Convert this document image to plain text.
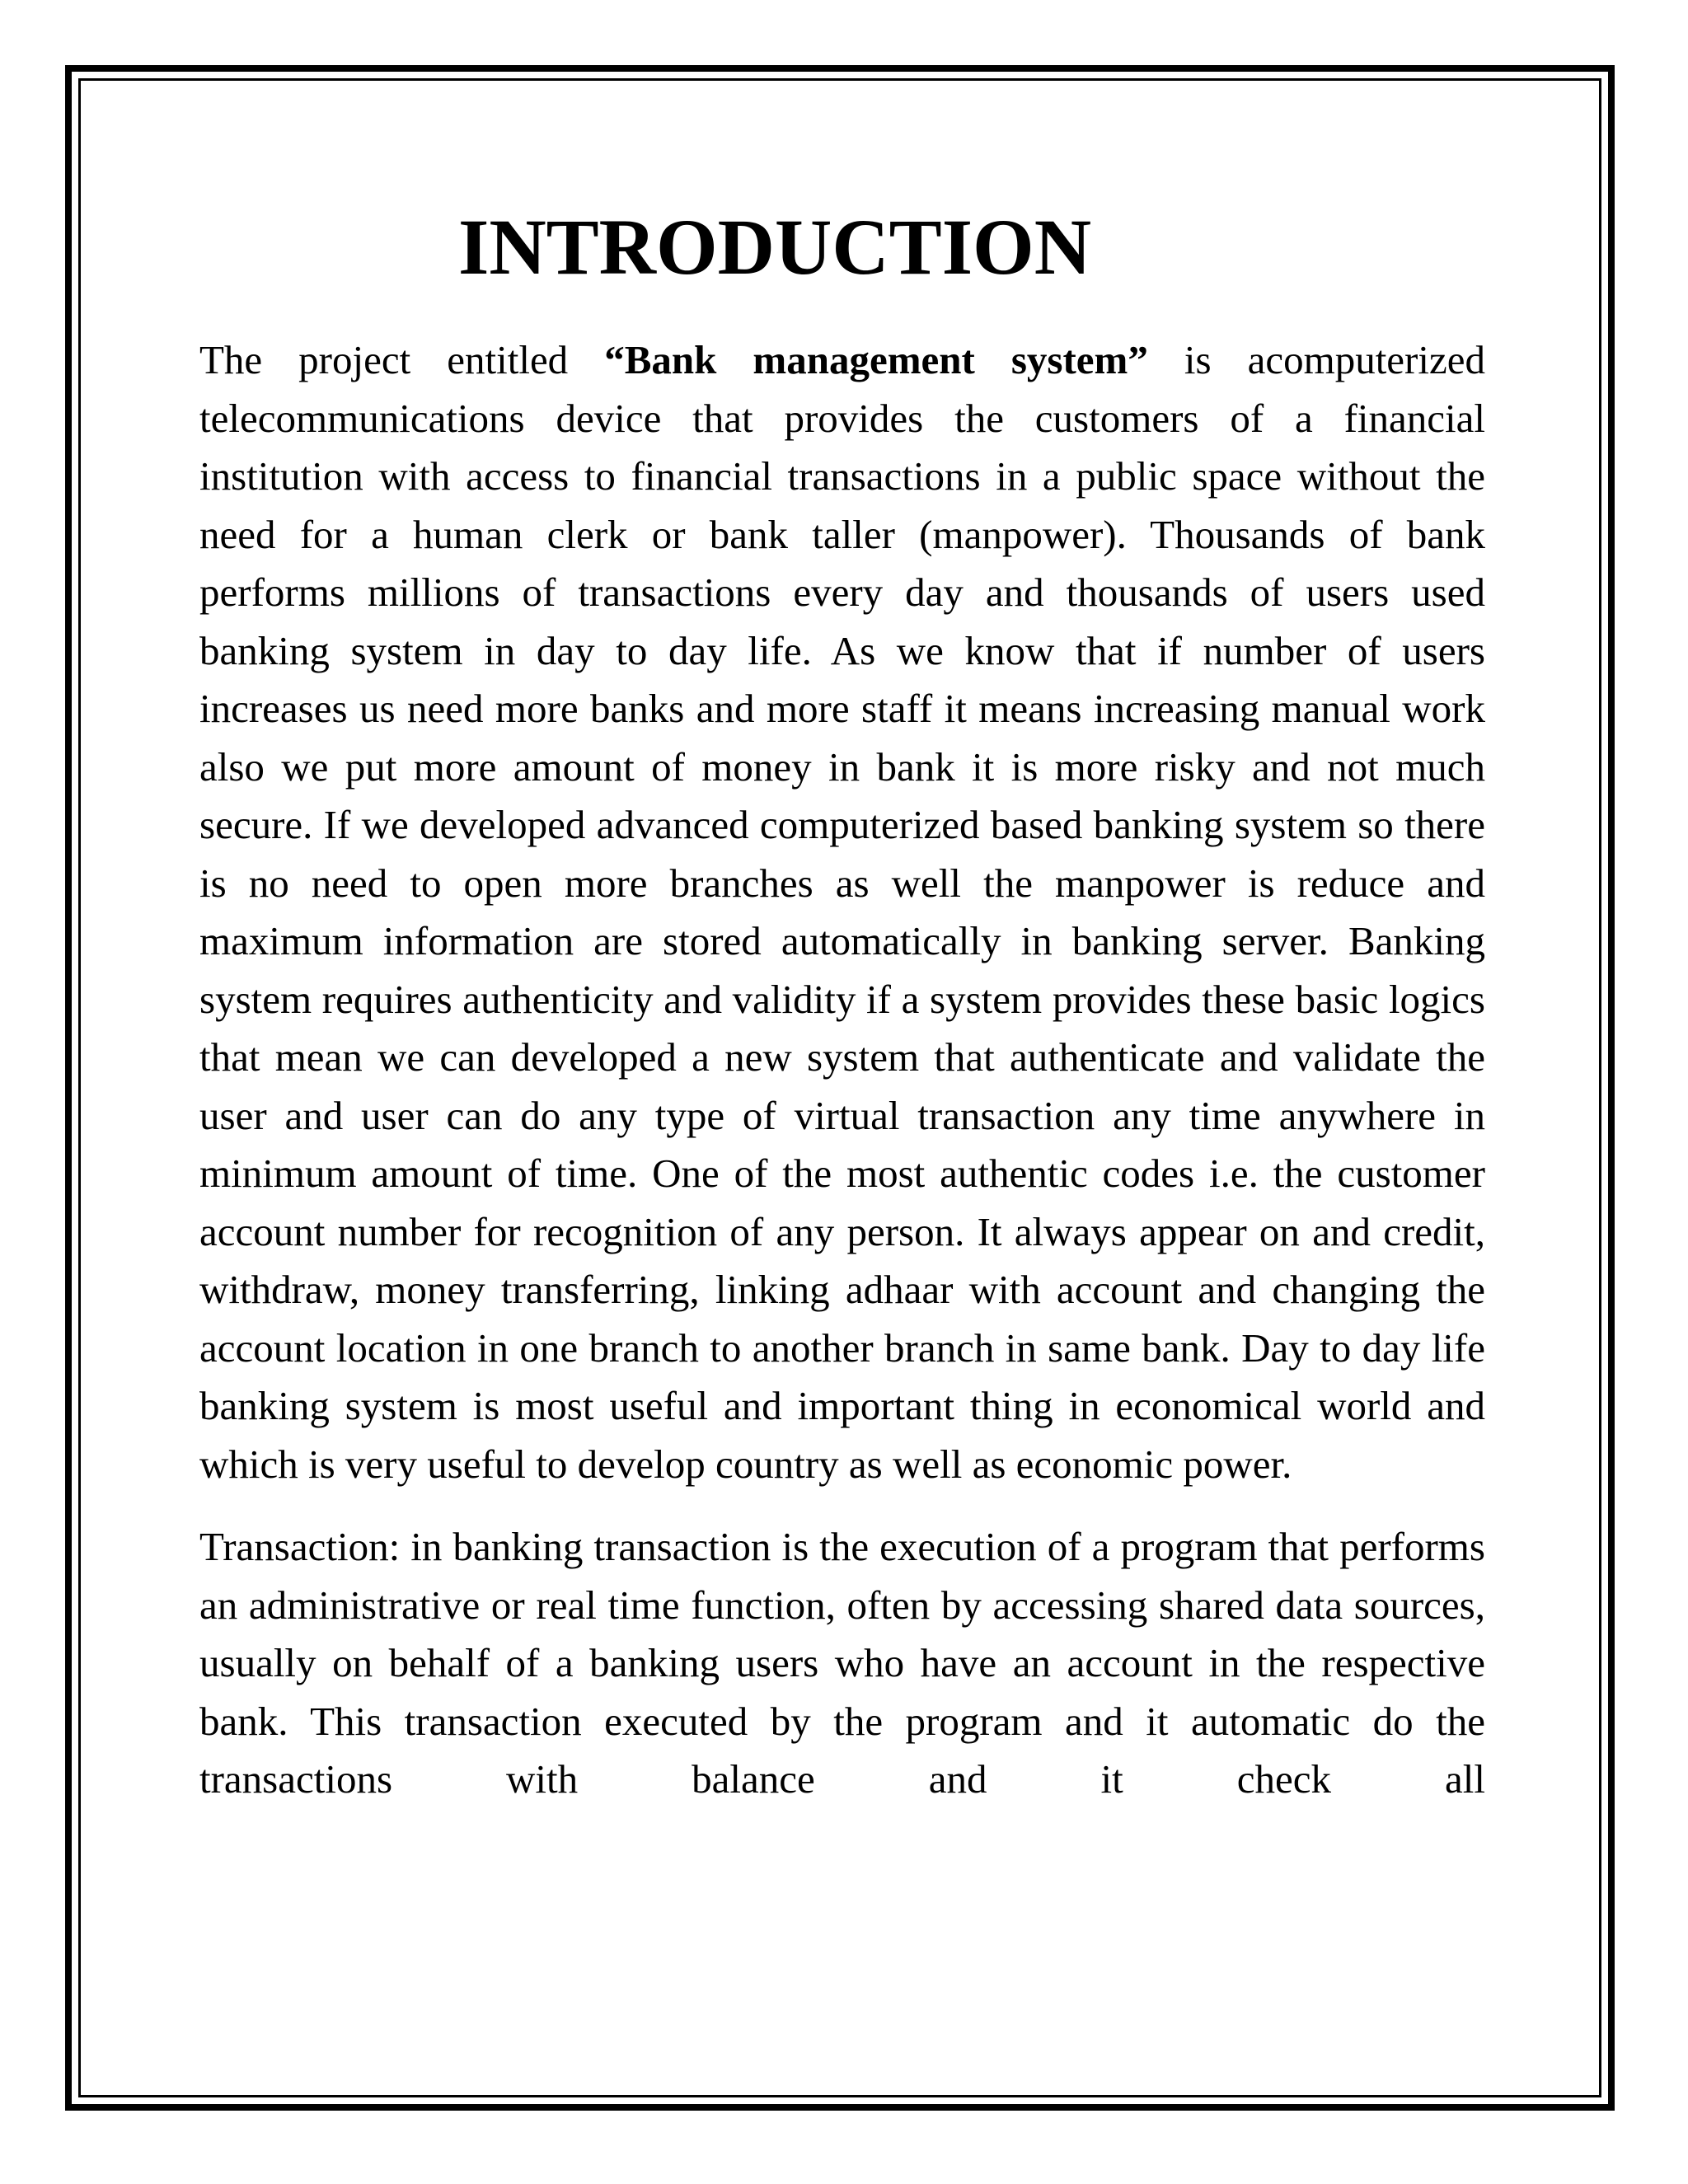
INTRODUCTION

The project entitled “Bank management system” is acomputerized telecommunications device that provides the customers of a financial institution with access to financial transactions in a public space without the need for a human clerk or bank taller (manpower). Thousands of bank performs millions of transactions every day and thousands of users used banking system in day to day life. As we know that if number of users increases us need more banks and more staff it means increasing manual work also we put more amount of money in bank it is more risky and not much secure. If we developed advanced computerized based banking system so there is no need to open more branches as well the manpower is reduce and maximum information are stored automatically in banking server. Banking system requires authenticity and validity if a system provides these basic logics that mean we can developed a new system that authenticate and validate the user and user can do any type of virtual transaction any time anywhere in minimum amount of time. One of the most authentic codes i.e. the customer account number for recognition of any person. It always appear on and credit, withdraw, money transferring, linking adhaar with account and changing the account location in one branch to another branch in same bank. Day to day life banking system is most useful and important thing in economical world and which is very useful to develop country as well as economic power.

Transaction: in banking transaction is the execution of a program that performs an administrative or real time function, often by accessing shared data sources, usually on behalf of a banking users who have an account in the respective bank. This transaction executed by the program and it automatic do the transactions with balance and it check all
